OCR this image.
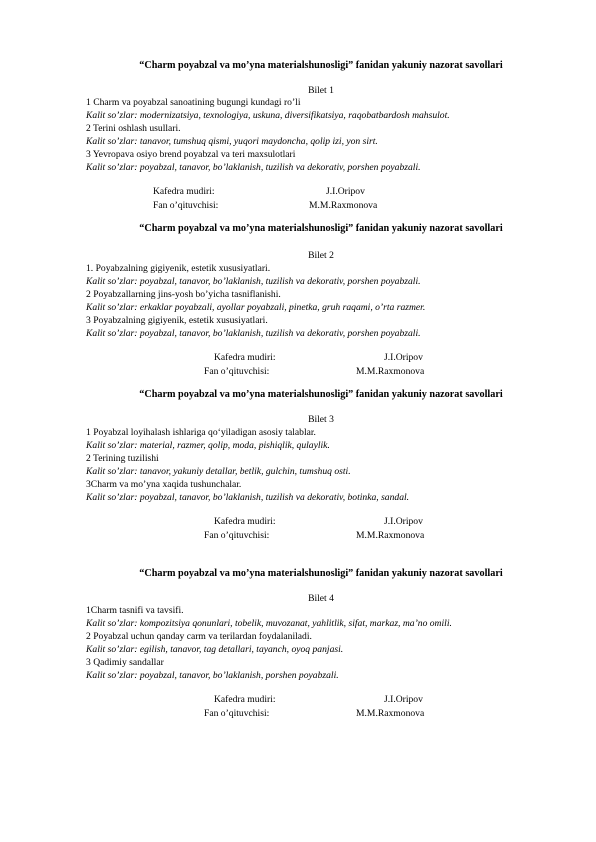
“Charm poyabzal va mo’yna materialshunosligi” fanidan yakuniy nazorat savollari
Bilet 1
1 Charm va poyabzal sanoatining bugungi kundagi ro’li
Kalit so’zlar: modernizatsiya, texnologiya, uskuna, diversifikatsiya, raqobatbardosh mahsulot.
2 Terini oshlash usullari.
Kalit so’zlar: tanavor, tumshuq qismi, yuqori maydoncha, qolip izi, yon sirt.
3 Yevropava osiyo brend poyabzal va teri maxsulotlari
Kalit so’zlar: poyabzal, tanavor, bo’laklanish, tuzilish va dekorativ, porshen poyabzali.
Kafedra mudiri:	J.I.Oripov
Fan o’qituvchisi:	M.M.Raxmonova
“Charm poyabzal va mo’yna materialshunosligi” fanidan yakuniy nazorat savollari
Bilet 2
1. Poyabzalning gigiyenik, estetik xususiyatlari.
Kalit so’zlar: poyabzal, tanavor, bo’laklanish, tuzilish va dekorativ, porshen poyabzali.
2 Poyabzallarning jins-yosh bo’yicha tasniflanishi.
Kalit so’zlar: erkaklar poyabzali, ayollar poyabzali, pinetka, gruh raqami, o’rta razmer.
3 Poyabzalning gigiyenik, estetik xususiyatlari.
Kalit so’zlar: poyabzal, tanavor, bo’laklanish, tuzilish va dekorativ, porshen poyabzali.
Kafedra mudiri:	J.I.Oripov
Fan o’qituvchisi:	M.M.Raxmonova
“Charm poyabzal va mo’yna materialshunosligi” fanidan yakuniy nazorat savollari
Bilet 3
1 Poyabzal loyihalash ishlariga qo‘yiladigan asosiy talablar.
Kalit so’zlar: material, razmer, qolip, moda, pishiqlik, qulaylik.
2 Terining tuzilishi
Kalit so’zlar: tanavor, yakuniy detallar, betlik, gulchin, tumshuq osti.
3Charm va mo’yna xaqida tushunchalar.
Kalit so’zlar: poyabzal, tanavor, bo’laklanish, tuzilish va dekorativ, botinka, sandal.
Kafedra mudiri:	J.I.Oripov
Fan o’qituvchisi:	M.M.Raxmonova
“Charm poyabzal va mo’yna materialshunosligi” fanidan yakuniy nazorat savollari
Bilet 4
1Charm tasnifi va tavsifi.
Kalit so’zlar: kompozitsiya qonunlari, tobelik, muvozanat, yahlitlik, sifat, markaz, ma’no omili.
2 Poyabzal uchun qanday carm va terilardan foydalaniladi.
Kalit so’zlar: egilish, tanavor, tag detallari, tayanch, oyoq panjasi.
3 Qadimiy sandallar
Kalit so’zlar: poyabzal, tanavor, bo’laklanish, porshen poyabzali.
Kafedra mudiri:	J.I.Oripov
Fan o’qituvchisi:	M.M.Raxmonova
